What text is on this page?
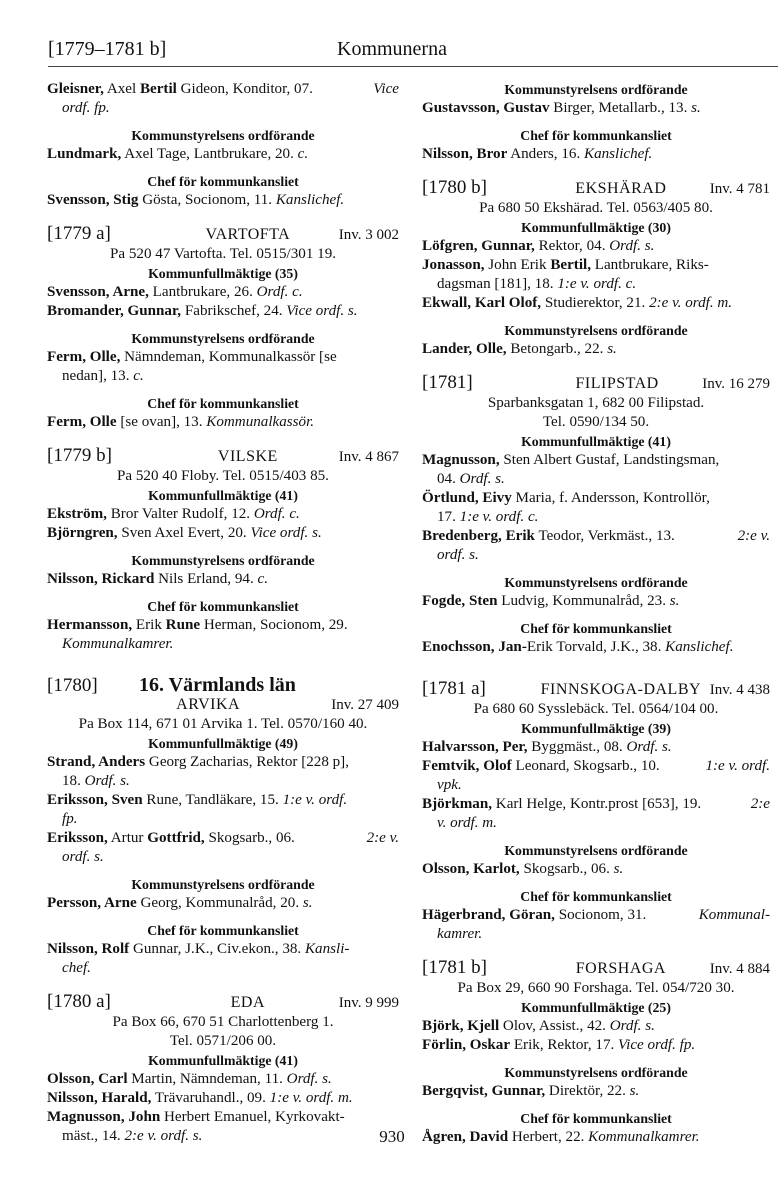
[1779–1781 b]	Kommunerna
Gleisner, Axel Bertil Gideon, Konditor, 07.	Vice
ordf. fp.
Kommunstyrelsens ordförande
Lundmark, Axel Tage, Lantbrukare, 20. c.
Chef för kommunkansliet
Svensson, Stig Gösta, Socionom, 11. Kanslichef.
[1779 a]	VARTOFTA	Inv. 3 002
Pa 520 47 Vartofta. Tel. 0515/301 19.
Kommunfullmäktige (35)
Svensson, Arne, Lantbrukare, 26. Ordf. c.
Bromander, Gunnar, Fabrikschef, 24. Vice ordf. s.
Kommunstyrelsens ordförande
Ferm, Olle, Nämndeman, Kommunalkassör [se
nedan], 13. c.
Chef för kommunkansliet
Ferm, Olle [se ovan], 13. Kommunalkassör.
[1779 b]	VILSKE	Inv. 4 867
Pa 520 40 Floby. Tel. 0515/403 85.
Kommunfullmäktige (41)
Ekström, Bror Valter Rudolf, 12. Ordf. c.
Björngren, Sven Axel Evert, 20. Vice ordf. s.
Kommunstyrelsens ordförande
Nilsson, Rickard Nils Erland, 94. c.
Chef för kommunkansliet
Hermansson, Erik Rune Herman, Socionom, 29.
Kommunalkamrer.
[1780]	16. Värmlands län
ARVIKA	Inv. 27 409
Pa Box 114, 671 01 Arvika 1. Tel. 0570/160 40.
Kommunfullmäktige (49)
Strand, Anders Georg Zacharias, Rektor [228 p],
18. Ordf. s.
Eriksson, Sven Rune, Tandläkare, 15. 1:e v. ordf.
fp.
Eriksson, Artur Gottfrid, Skogsarb., 06.	2:e v.
ordf. s.
Kommunstyrelsens ordförande
Persson, Arne Georg, Kommunalråd, 20. s.
Chef för kommunkansliet
Nilsson, Rolf Gunnar, J.K., Civ.ekon., 38. Kansli-
chef.
[1780 a]	EDA	Inv. 9 999
Pa Box 66, 670 51 Charlottenberg 1.
Tel. 0571/206 00.
Kommunfullmäktige (41)
Olsson, Carl Martin, Nämndeman, 11. Ordf. s.
Nilsson, Harald, Trävaruhandl., 09. 1:e v. ordf. m.
Magnusson, John Herbert Emanuel, Kyrkovakt-
mäst., 14. 2:e v. ordf. s.
Kommunstyrelsens ordförande
Gustavsson, Gustav Birger, Metallarb., 13. s.
Chef för kommunkansliet
Nilsson, Bror Anders, 16. Kanslichef.
[1780 b]	EKSHÄRAD	Inv. 4 781
Pa 680 50 Ekshärad. Tel. 0563/405 80.
Kommunfullmäktige (30)
Löfgren, Gunnar, Rektor, 04. Ordf. s.
Jonasson, John Erik Bertil, Lantbrukare, Riks-
dagsman [181], 18. 1:e v. ordf. c.
Ekwall, Karl Olof, Studierektor, 21. 2:e v. ordf. m.
Kommunstyrelsens ordförande
Lander, Olle, Betongarb., 22. s.
[1781]	FILIPSTAD	Inv. 16 279
Sparbanksgatan 1, 682 00 Filipstad.
Tel. 0590/134 50.
Kommunfullmäktige (41)
Magnusson, Sten Albert Gustaf, Landstingsman,
04. Ordf. s.
Örtlund, Eivy Maria, f. Andersson, Kontrollör,
17. 1:e v. ordf. c.
Bredenberg, Erik Teodor, Verkmäst., 13.	2:e v.
ordf. s.
Kommunstyrelsens ordförande
Fogde, Sten Ludvig, Kommunalråd, 23. s.
Chef för kommunkansliet
Enochsson, Jan-Erik Torvald, J.K., 38. Kanslichef.
[1781 a]	FINNSKOGA-DALBY Inv. 4 438
Pa 680 60 Sysslebäck. Tel. 0564/104 00.
Kommunfullmäktige (39)
Halvarsson, Per, Byggmäst., 08. Ordf. s.
Femtvik, Olof Leonard, Skogsarb., 10.	1:e v. ordf.
vpk.
Björkman, Karl Helge, Kontr.prost [653], 19.	2:e
v. ordf. m.
Kommunstyrelsens ordförande
Olsson, Karlot, Skogsarb., 06. s.
Chef för kommunkansliet
Hägerbrand, Göran, Socionom, 31.	Kommunal-
kamrer.
[1781 b]	FORSHAGA	Inv. 4 884
Pa Box 29, 660 90 Forshaga. Tel. 054/720 30.
Kommunfullmäktige (25)
Björk, Kjell Olov, Assist., 42. Ordf. s.
Förlin, Oskar Erik, Rektor, 17. Vice ordf. fp.
Kommunstyrelsens ordförande
Bergqvist, Gunnar, Direktör, 22. s.
Chef för kommunkansliet
Ågren, David Herbert, 22. Kommunalkamrer.
930
